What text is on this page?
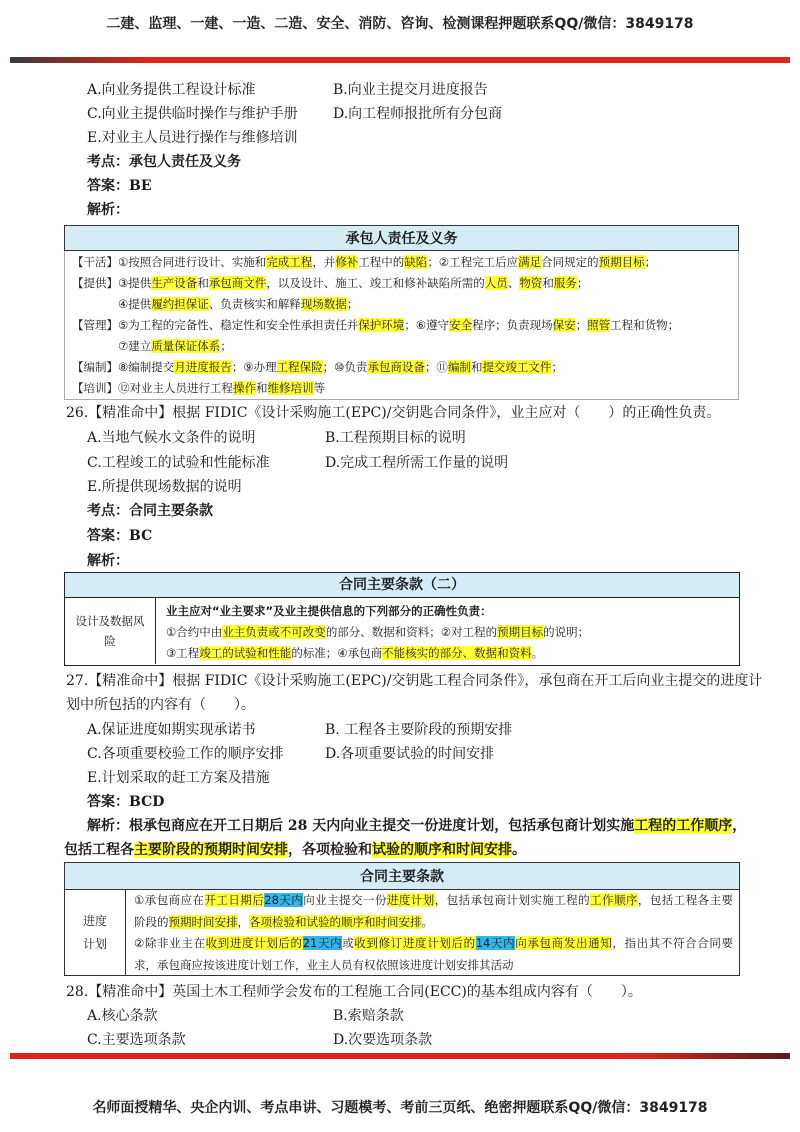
二建、监理、一建、一造、二造、安全、消防、咨询、检测课程押题联系QQ/微信：3849178
A.向业务提供工程设计标准	B.向业主提交月进度报告
C.向业主提供临时操作与维护手册	D.向工程师报批所有分包商
E.对业主人员进行操作与维修培训
考点：承包人责任及义务
答案：BE
解析：
承包人责任及义务
【干活】①按照合同进行设计、实施和完成工程，并修补工程中的缺陷；②工程完工后应满足合同规定的预期目标；
【提供】③提供生产设备和承包商文件，以及设计、施工、竣工和修补缺陷所需的人员、物资和服务；
④提供履约担保证、负责核实和解释现场数据；
【管理】⑤为工程的完备性、稳定性和安全性承担责任并保护环境；⑥遵守安全程序；负责现场保安；照管工程和货物；
⑦建立质量保证体系；
【编制】⑧编制提交月进度报告；⑨办理工程保险；⑩负责承包商设备；⑪编制和提交竣工文件；
【培训】⑫对业主人员进行工程操作和维修培训等
26.【精准命中】根据 FIDIC《设计采购施工(EPC)/交钥匙合同条件》，业主应对（　　）的正确性负责。
A.当地气候水文条件的说明	B.工程预期目标的说明
C.工程竣工的试验和性能标准	D.完成工程所需工作量的说明
E.所提供现场数据的说明
考点：合同主要条款
答案：BC
解析：
合同主要条款（二）
设计及数据风险
业主应对“业主要求”及业主提供信息的下列部分的正确性负责：
①合约中由业主负责或不可改变的部分、数据和资料；②对工程的预期目标的说明；
③工程竣工的试验和性能的标准；④承包商不能核实的部分、数据和资料。
27.【精准命中】根据 FIDIC《设计采购施工(EPC)/交钥匙工程合同条件》，承包商在开工后向业主提交的进度计
划中所包括的内容有（　　）。
A.保证进度如期实现承诺书	B. 工程各主要阶段的预期安排
C.各项重要校验工作的顺序安排	D.各项重要试验的时间安排
E.计划采取的赶工方案及措施
答案：BCD
解析：根承包商应在开工日期后 28 天内向业主提交一份进度计划，包括承包商计划实施工程的工作顺序，
包括工程各主要阶段的预期时间安排，各项检验和试验的顺序和时间安排。
合同主要条款
进度计划
①承包商应在开工日期后28天内向业主提交一份进度计划，包括承包商计划实施工程的工作顺序，包括工程各主要
阶段的预期时间安排，各项检验和试验的顺序和时间安排。
②除非业主在收到进度计划后的21天内或收到修订进度计划后的14天内向承包商发出通知，指出其不符合合同要
求，承包商应按该进度计划工作，业主人员有权依照该进度计划安排其活动
28.【精准命中】英国土木工程师学会发布的工程施工合同(ECC)的基本组成内容有（　　）。
A.核心条款	B.索赔条款
C.主要选项条款	D.次要选项条款
名师面授精华、央企内训、考点串讲、习题模考、考前三页纸、绝密押题联系QQ/微信：3849178
